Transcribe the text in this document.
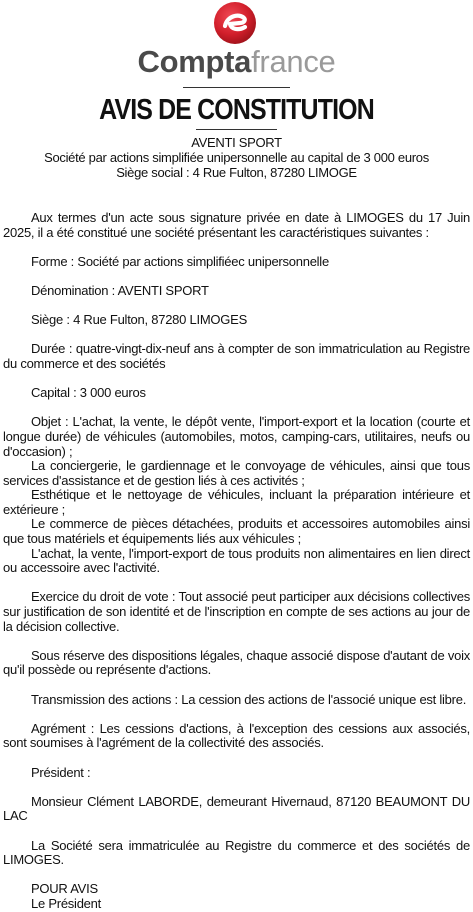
Comptafrance
AVIS DE CONSTITUTION
AVENTI SPORT
Société par actions simplifiée unipersonnelle au capital de 3 000 euros
Siège social : 4 Rue Fulton, 87280 LIMOGE

Aux termes d'un acte sous signature privée en date à LIMOGES du 17 Juin 2025, il a été constitué une société présentant les caractéristiques suivantes :

Forme : Société par actions simplifiéec unipersonnelle

Dénomination : AVENTI SPORT

Siège : 4 Rue Fulton, 87280 LIMOGES

Durée : quatre-vingt-dix-neuf ans à compter de son immatriculation au Registre du commerce et des sociétés

Capital : 3 000 euros

Objet : L'achat, la vente, le dépôt vente, l'import-export et la location (courte et longue durée) de véhicules (automobiles, motos, camping-cars, utilitaires, neufs ou d'occasion) ;

La conciergerie, le gardiennage et le convoyage de véhicules, ainsi que tous services d'assistance et de gestion liés à ces activités ;

Esthétique et le nettoyage de véhicules, incluant la préparation intérieure et extérieure ;

Le commerce de pièces détachées, produits et accessoires automobiles ainsi que tous matériels et équipements liés aux véhicules ;

L'achat, la vente, l'import-export de tous produits non alimentaires en lien direct ou accessoire avec l'activité.

Exercice du droit de vote : Tout associé peut participer aux décisions collectives sur justification de son identité et de l'inscription en compte de ses actions au jour de la décision collective.

Sous réserve des dispositions légales, chaque associé dispose d'autant de voix qu'il possède ou représente d'actions.

Transmission des actions : La cession des actions de l'associé unique est libre.

Agrément : Les cessions d'actions, à l'exception des cessions aux associés, sont soumises à l'agrément de la collectivité des associés.

Président :

Monsieur Clément LABORDE, demeurant Hivernaud, 87120 BEAUMONT DU LAC

La Société sera immatriculée au Registre du commerce et des sociétés de LIMOGES.

POUR AVIS

Le Président
